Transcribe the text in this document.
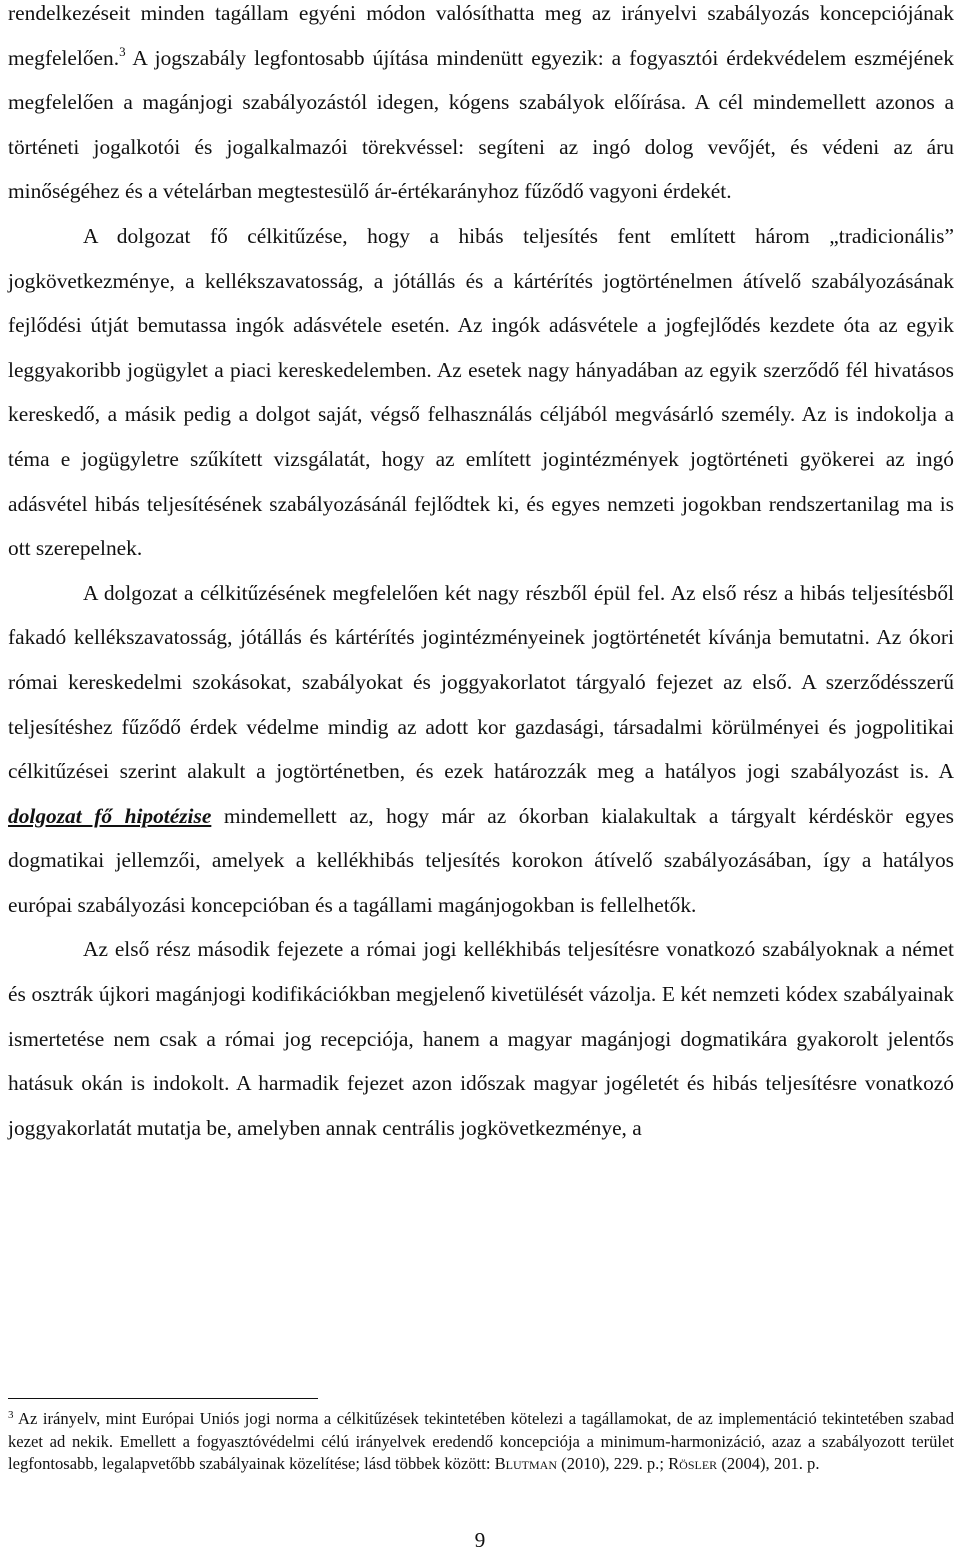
rendelkezéseit minden tagállam egyéni módon valósíthatta meg az irányelvi szabályozás koncepciójának megfelelően.$^3$ A jogszabály legfontosabb újítása mindenütt egyezik: a fogyasztói érdekvédelem eszméjének megfelelően a magánjogi szabályozástól idegen, kógens szabályok előírása. A cél mindemellett azonos a történeti jogalkotói és jogalkalmazói törekvéssel: segíteni az ingó dolog vevőjét, és védeni az áru minőségéhez és a vételárban megtestesülő ár-értékarányhoz fűződő vagyoni érdekét.

A dolgozat fő célkitűzése, hogy a hibás teljesítés fent említett három „tradicionális” jogkövetkezménye, a kellékszavatosság, a jótállás és a kártérítés jogtörténelmen átívelő szabályozásának fejlődési útját bemutassa ingók adásvétele esetén. Az ingók adásvétele a jogfejlődés kezdete óta az egyik leggyakoribb jogügylet a piaci kereskedelemben. Az esetek nagy hányadában az egyik szerződő fél hivatásos kereskedő, a másik pedig a dolgot saját, végső felhasználás céljából megvásárló személy. Az is indokolja a téma e jogügyletre szűkített vizsgálatát, hogy az említett jogintézmények jogtörténeti gyökerei az ingó adásvétel hibás teljesítésének szabályozásánál fejlődtek ki, és egyes nemzeti jogokban rendszertanilag ma is ott szerepelnek.

A dolgozat a célkitűzésének megfelelően két nagy részből épül fel. Az első rész a hibás teljesítésből fakadó kellékszavatosság, jótállás és kártérítés jogintézményeinek jogtörténetét kívánja bemutatni. Az ókori római kereskedelmi szokásokat, szabályokat és joggyakorlatot tárgyaló fejezet az első. A szerződésszerű teljesítéshez fűződő érdek védelme mindig az adott kor gazdasági, társadalmi körülményei és jogpolitikai célkitűzései szerint alakult a jogtörténetben, és ezek határozzák meg a hatályos jogi szabályozást is. A dolgozat fő hipotézise mindemellett az, hogy már az ókorban kialakultak a tárgyalt kérdéskör egyes dogmatikai jellemzői, amelyek a kellékhibás teljesítés korokon átívelő szabályozásában, így a hatályos európai szabályozási koncepcióban és a tagállami magánjogokban is fellelhetők.

Az első rész második fejezete a római jogi kellékhibás teljesítésre vonatkozó szabályoknak a német és osztrák újkori magánjogi kodifikációkban megjelenő kivetülését vázolja. E két nemzeti kódex szabályainak ismertetése nem csak a római jog recepciója, hanem a magyar magánjogi dogmatikára gyakorolt jelentős hatásuk okán is indokolt. A harmadik fejezet azon időszak magyar jogéletét és hibás teljesítésre vonatkozó joggyakorlatát mutatja be, amelyben annak centrális jogkövetkezménye, a

$^3$ Az irányelv, mint Európai Uniós jogi norma a célkitűzések tekintetében kötelezi a tagállamokat, de az implementáció tekintetében szabad kezet ad nekik. Emellett a fogyasztóvédelmi célú irányelvek eredendő koncepciója a minimum-harmonizáció, azaz a szabályozott terület legfontosabb, legalapvetőbb szabályainak közelítése; lásd többek között: Blutman (2010), 229. p.; Rösler (2004), 201. p.
9
